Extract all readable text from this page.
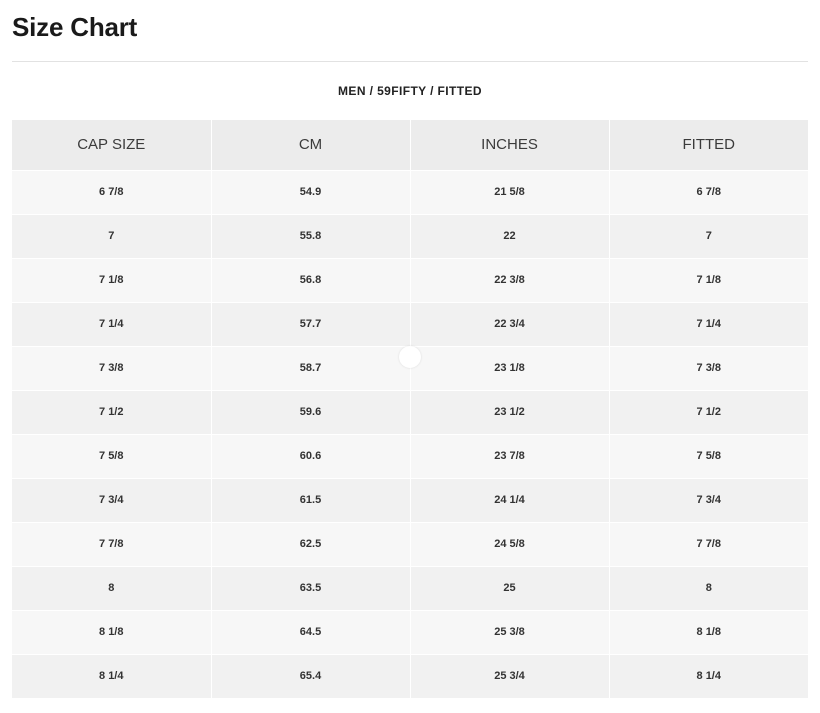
Size Chart
MEN / 59FIFTY / FITTED
CAP SIZE	CM	INCHES	FITTED
6 7/8	54.9	21 5/8	6 7/8
7	55.8	22	7
7 1/8	56.8	22 3/8	7 1/8
7 1/4	57.7	22 3/4	7 1/4
7 3/8	58.7	23 1/8	7 3/8
7 1/2	59.6	23 1/2	7 1/2
7 5/8	60.6	23 7/8	7 5/8
7 3/4	61.5	24 1/4	7 3/4
7 7/8	62.5	24 5/8	7 7/8
8	63.5	25	8
8 1/8	64.5	25 3/8	8 1/8
8 1/4	65.4	25 3/4	8 1/4
